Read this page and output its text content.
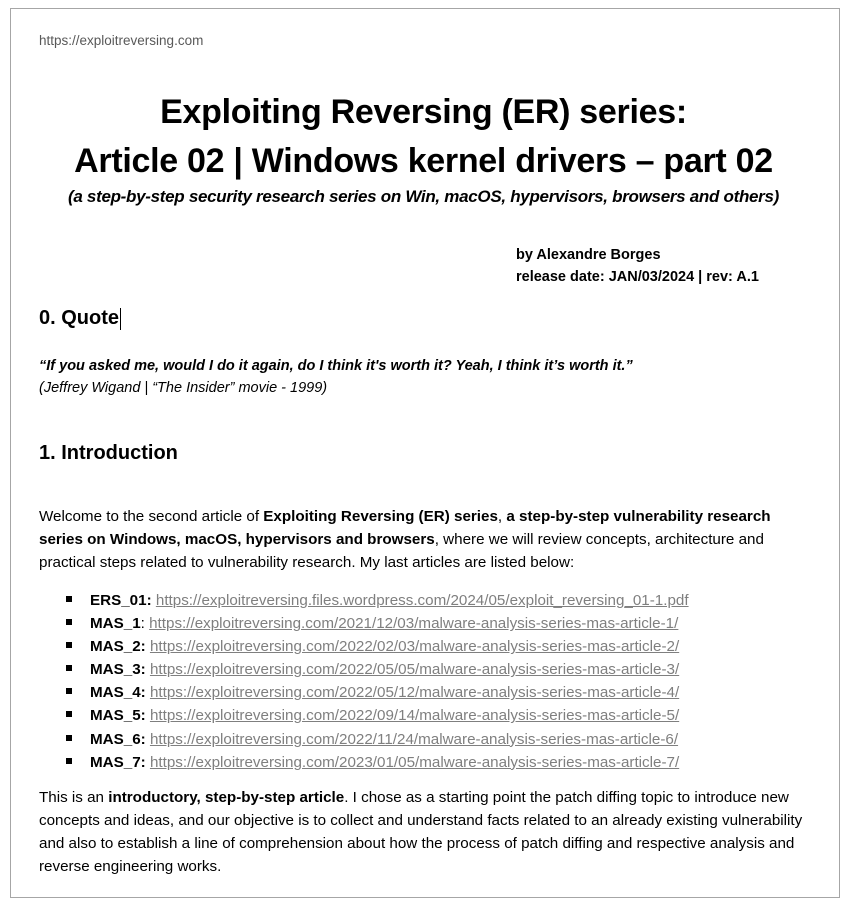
https://exploitreversing.com
Exploiting Reversing (ER) series:
Article 02 | Windows kernel drivers – part 02
(a step-by-step security research series on Win, macOS, hypervisors, browsers and others)
by Alexandre Borges
release date: JAN/03/2024 | rev: A.1
0. Quote
“If you asked me, would I do it again, do I think it's worth it? Yeah, I think it’s worth it.”
(Jeffrey Wigand | “The Insider” movie - 1999)
1. Introduction
Welcome to the second article of Exploiting Reversing (ER) series, a step-by-step vulnerability research series on Windows, macOS, hypervisors and browsers, where we will review concepts, architecture and practical steps related to vulnerability research. My last articles are listed below:
ERS_01: https://exploitreversing.files.wordpress.com/2024/05/exploit_reversing_01-1.pdf
MAS_1: https://exploitreversing.com/2021/12/03/malware-analysis-series-mas-article-1/
MAS_2: https://exploitreversing.com/2022/02/03/malware-analysis-series-mas-article-2/
MAS_3: https://exploitreversing.com/2022/05/05/malware-analysis-series-mas-article-3/
MAS_4: https://exploitreversing.com/2022/05/12/malware-analysis-series-mas-article-4/
MAS_5: https://exploitreversing.com/2022/09/14/malware-analysis-series-mas-article-5/
MAS_6: https://exploitreversing.com/2022/11/24/malware-analysis-series-mas-article-6/
MAS_7: https://exploitreversing.com/2023/01/05/malware-analysis-series-mas-article-7/
This is an introductory, step-by-step article. I chose as a starting point the patch diffing topic to introduce new concepts and ideas, and our objective is to collect and understand facts related to an already existing vulnerability and also to establish a line of comprehension about how the process of patch diffing and respective analysis and reverse engineering works.
